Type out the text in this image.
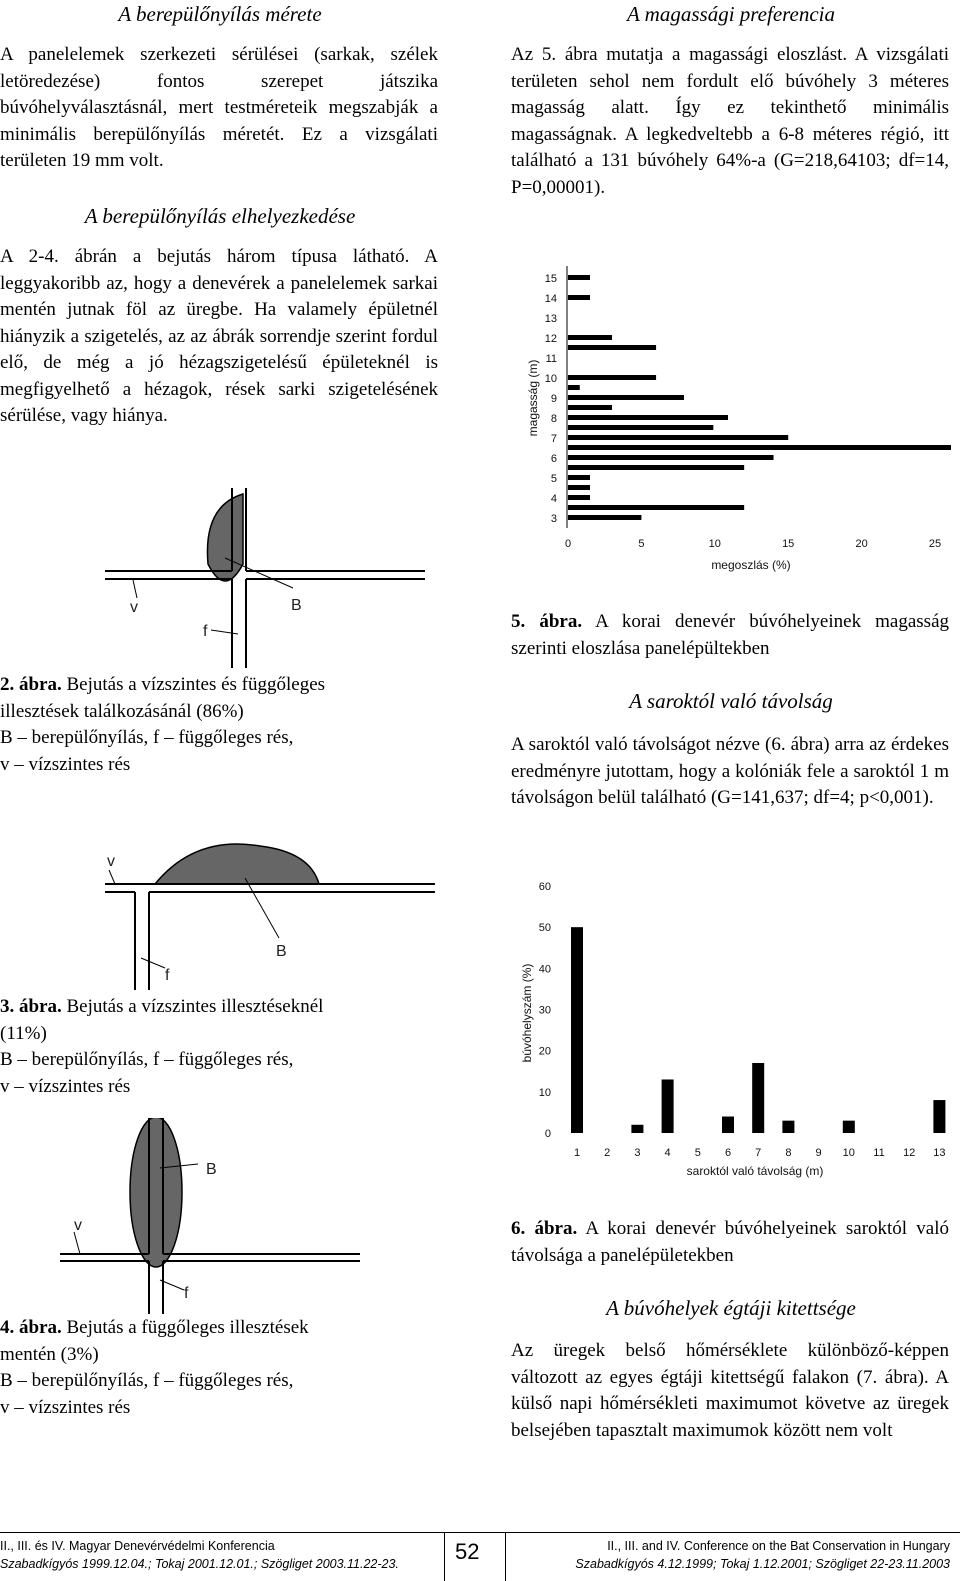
A berepülőnyílás mérete

A panelelemek szerkezeti sérülései (sarkak, szélek letöredezése) fontos szerepet játszika búvóhelyválasztásnál, mert testméreteik megszabják a minimális berepülőnyílás méretét. Ez a vizsgálati területen 19 mm volt.

A berepülőnyílás elhelyezkedése

A 2-4. ábrán a bejutás három típusa látható. A leggyakoribb az, hogy a denevérek a panelelemek sarkai mentén jutnak föl az üregbe. Ha valamely épületnél hiányzik a szigetelés, az az ábrák sorrendje szerint fordul elő, de még a jó hézagszigetelésű épületeknél is megfigyelhető a hézagok, rések sarki szigetelésének sérülése, vagy hiánya.

v
f
B
2. ábra. Bejutás a vízszintes és függőleges
illesztések találkozásánál (86%)
B – berepülőnyílás, f – függőleges rés,
v – vízszintes rés
v
f
B
3. ábra. Bejutás a vízszintes illesztéseknél
(11%)
B – berepülőnyílás, f – függőleges rés,
v – vízszintes rés
B
v
f
4. ábra. Bejutás a függőleges illesztések
mentén (3%)
B – berepülőnyílás, f – függőleges rés,
v – vízszintes rés
A magassági preferencia

Az 5. ábra mutatja a magassági eloszlást. A vizsgálati területen sehol nem fordult elő búvóhely 3 méteres magasság alatt. Így ez tekinthető minimális magasságnak. A legkedveltebb a 6-8 méteres régió, itt található a 131 búvóhely 64%-a (G=218,64103; df=14, P=0,00001).

3
4
5
6
7
8
9
10
11
12
13
14
15
0	5	10	15	20	25
megoszlás (%)
magasság (m)
5. ábra. A korai denevér búvóhelyeinek magasság szerinti eloszlása panelépültekben
A saroktól való távolság

A saroktól való távolságot nézve (6. ábra) arra az érdekes eredményre jutottam, hogy a kolóniák fele a saroktól 1 m távolságon belül található (G=141,637; df=4; p<0,001).

0
10
20
30
40
50
60
1 2 3 4 5 6 7 8 9 10 11 12 13
saroktól való távolság (m)
búvóhelyszám (%)
6. ábra. A korai denevér búvóhelyeinek saroktól való távolsága a panelépületekben
A búvóhelyek égtáji kitettsége

Az üregek belső hőmérséklete különböző-képpen változott az egyes égtáji kitettségű falakon (7. ábra). A külső napi hőmérsékleti maximumot követve az üregek belsejében tapasztalt maximumok között nem volt

II., III. és IV. Magyar Denevérvédelmi Konferencia
Szabadkígyós 1999.12.04.; Tokaj 2001.12.01.; Szögliget 2003.11.22-23.	52	II., III. and IV. Conference on the Bat Conservation in Hungary
Szabadkígyós 4.12.1999; Tokaj 1.12.2001; Szögliget 22-23.11.2003
